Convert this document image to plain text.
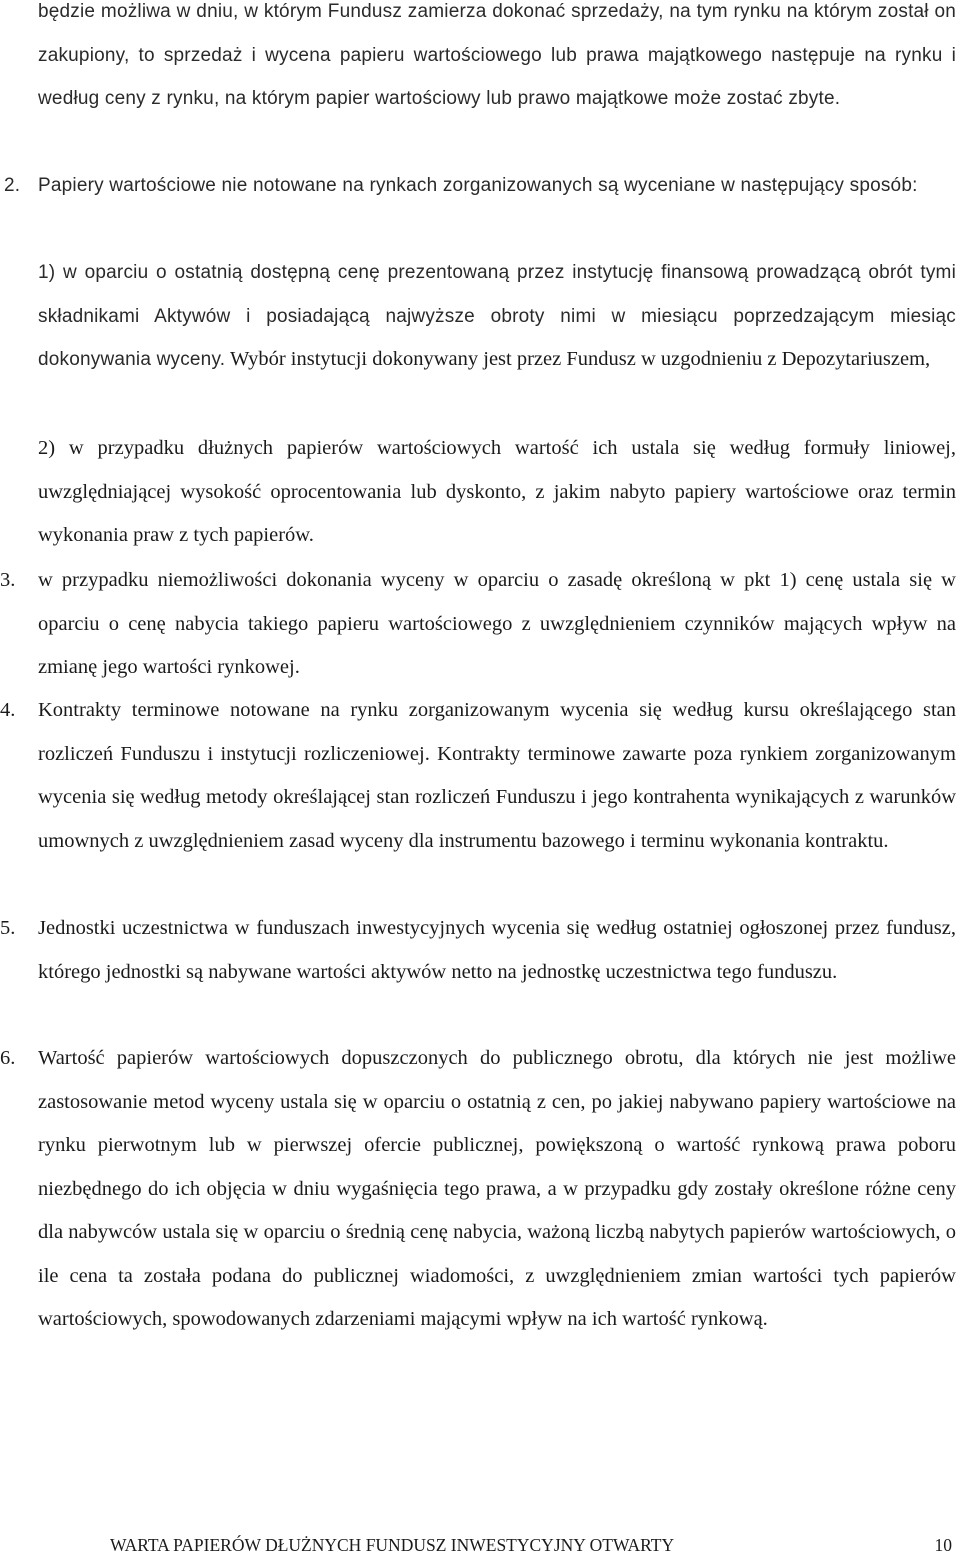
będzie możliwa w dniu, w którym Fundusz zamierza dokonać sprzedaży, na tym rynku na którym został on zakupiony, to sprzedaż i wycena papieru wartościowego lub prawa majątkowego następuje na rynku i według ceny z rynku, na którym papier wartościowy lub prawo majątkowe może zostać zbyte.

2. Papiery wartościowe nie notowane na rynkach zorganizowanych są wyceniane w następujący sposób:

1) w oparciu o ostatnią dostępną cenę prezentowaną przez instytucję finansową prowadzącą obrót tymi składnikami Aktywów i posiadającą najwyższe obroty nimi w miesiącu poprzedzającym miesiąc dokonywania wyceny. Wybór instytucji dokonywany jest przez Fundusz w uzgodnieniu z Depozytariuszem,

2) w przypadku dłużnych papierów wartościowych wartość ich ustala się według formuły liniowej, uwzględniającej wysokość oprocentowania lub dyskonto, z jakim nabyto papiery wartościowe oraz termin wykonania praw z tych papierów.

3. w przypadku niemożliwości dokonania wyceny w oparciu o zasadę określoną w pkt 1) cenę ustala się w oparciu o cenę nabycia takiego papieru wartościowego z uwzględnieniem czynników mających wpływ na zmianę jego wartości rynkowej.

4. Kontrakty terminowe notowane na rynku zorganizowanym wycenia się według kursu określającego stan rozliczeń Funduszu i instytucji rozliczeniowej. Kontrakty terminowe zawarte poza rynkiem zorganizowanym wycenia się według metody określającej stan rozliczeń Funduszu i jego kontrahenta wynikających z warunków umownych z uwzględnieniem zasad wyceny dla instrumentu bazowego i terminu wykonania kontraktu.

5. Jednostki uczestnictwa w funduszach inwestycyjnych wycenia się według ostatniej ogłoszonej przez fundusz, którego jednostki są nabywane wartości aktywów netto na jednostkę uczestnictwa tego funduszu.

6. Wartość papierów wartościowych dopuszczonych do publicznego obrotu, dla których nie jest możliwe zastosowanie metod wyceny ustala się w oparciu o ostatnią z cen, po jakiej nabywano papiery wartościowe na rynku pierwotnym lub w pierwszej ofercie publicznej, powiększoną o wartość rynkową prawa poboru niezbędnego do ich objęcia w dniu wygaśnięcia tego prawa, a w przypadku gdy zostały określone różne ceny dla nabywców ustala się w oparciu o średnią cenę nabycia, ważoną liczbą nabytych papierów wartościowych, o ile cena ta została podana do publicznej wiadomości, z uwzględnieniem zmian wartości tych papierów wartościowych, spowodowanych zdarzeniami mającymi wpływ na ich wartość rynkową.

WARTA PAPIERÓW DŁUŻNYCH FUNDUSZ INWESTYCYJNY OTWARTY	10
